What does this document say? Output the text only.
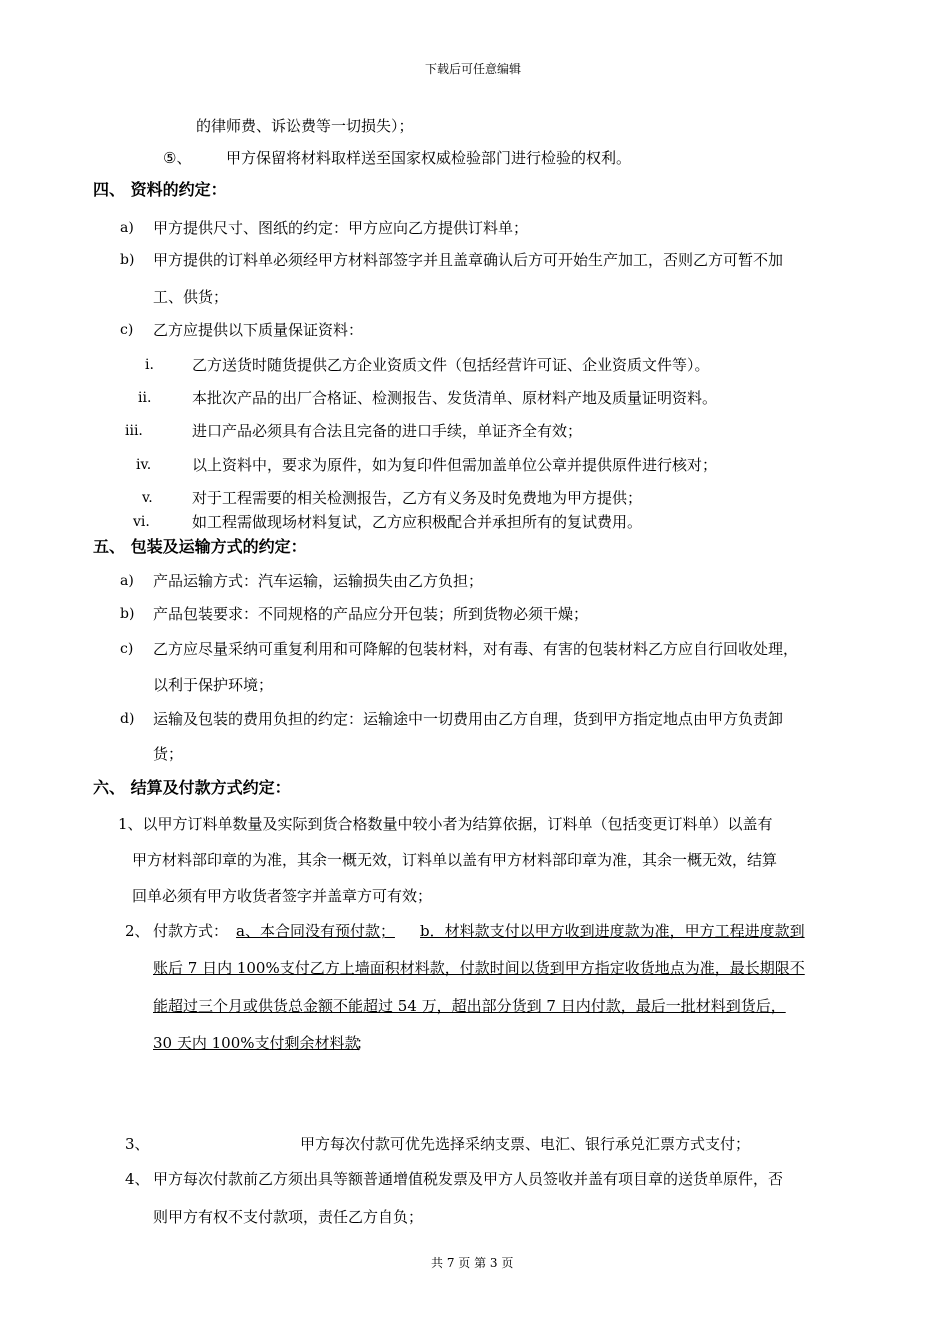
下载后可任意编辑
的律师费、诉讼费等一切损失）；
⑤、 甲方保留将材料取样送至国家权威检验部门进行检验的权利。
四、 资料的约定：
a) 甲方提供尺寸、图纸的约定：甲方应向乙方提供订料单；
b) 甲方提供的订料单必须经甲方材料部签字并且盖章确认后方可开始生产加工，否则乙方可暂不加
工、供货；
c) 乙方应提供以下质量保证资料：
i.	乙方送货时随货提供乙方企业资质文件（包括经营许可证、企业资质文件等）。
ii.	本批次产品的出厂合格证、检测报告、发货清单、原材料产地及质量证明资料。
iii.	进口产品必须具有合法且完备的进口手续，单证齐全有效；
iv.	以上资料中，要求为原件，如为复印件但需加盖单位公章并提供原件进行核对；
v.	对于工程需要的相关检测报告，乙方有义务及时免费地为甲方提供；
vi.	如工程需做现场材料复试，乙方应积极配合并承担所有的复试费用。
五、 包装及运输方式的约定：
a) 产品运输方式：汽车运输，运输损失由乙方负担；
b) 产品包装要求：不同规格的产品应分开包装；所到货物必须干燥；
c) 乙方应尽量采纳可重复利用和可降解的包装材料，对有毒、有害的包装材料乙方应自行回收处理，
以利于保护环境；
d) 运输及包装的费用负担的约定：运输途中一切费用由乙方自理，货到甲方指定地点由甲方负责卸
货；
六、 结算及付款方式约定：
1、以甲方订料单数量及实际到货合格数量中较小者为结算依据，订料单（包括变更订料单）以盖有
甲方材料部印章的为准，其余一概无效，订料单以盖有甲方材料部印章为准，其余一概无效，结算
回单必须有甲方收货者签字并盖章方可有效；
2、 付款方式： a、本合同没有预付款； b．材料款支付以甲方收到进度款为准，甲方工程进度款到
账后 7 日内 100%支付乙方上墙面积材料款，付款时间以货到甲方指定收货地点为准，最长期限不
能超过三个月或供货总金额不能超过 54 万，超出部分货到 7 日内付款，最后一批材料到货后，
30 天内 100%支付剩余材料款
；
3、	甲方每次付款可优先选择采纳支票、电汇、银行承兑汇票方式支付；
4、 甲方每次付款前乙方须出具等额普通增值税发票及甲方人员签收并盖有项目章的送货单原件，否
则甲方有权不支付款项，责任乙方自负；
共 7 页 第 3 页
